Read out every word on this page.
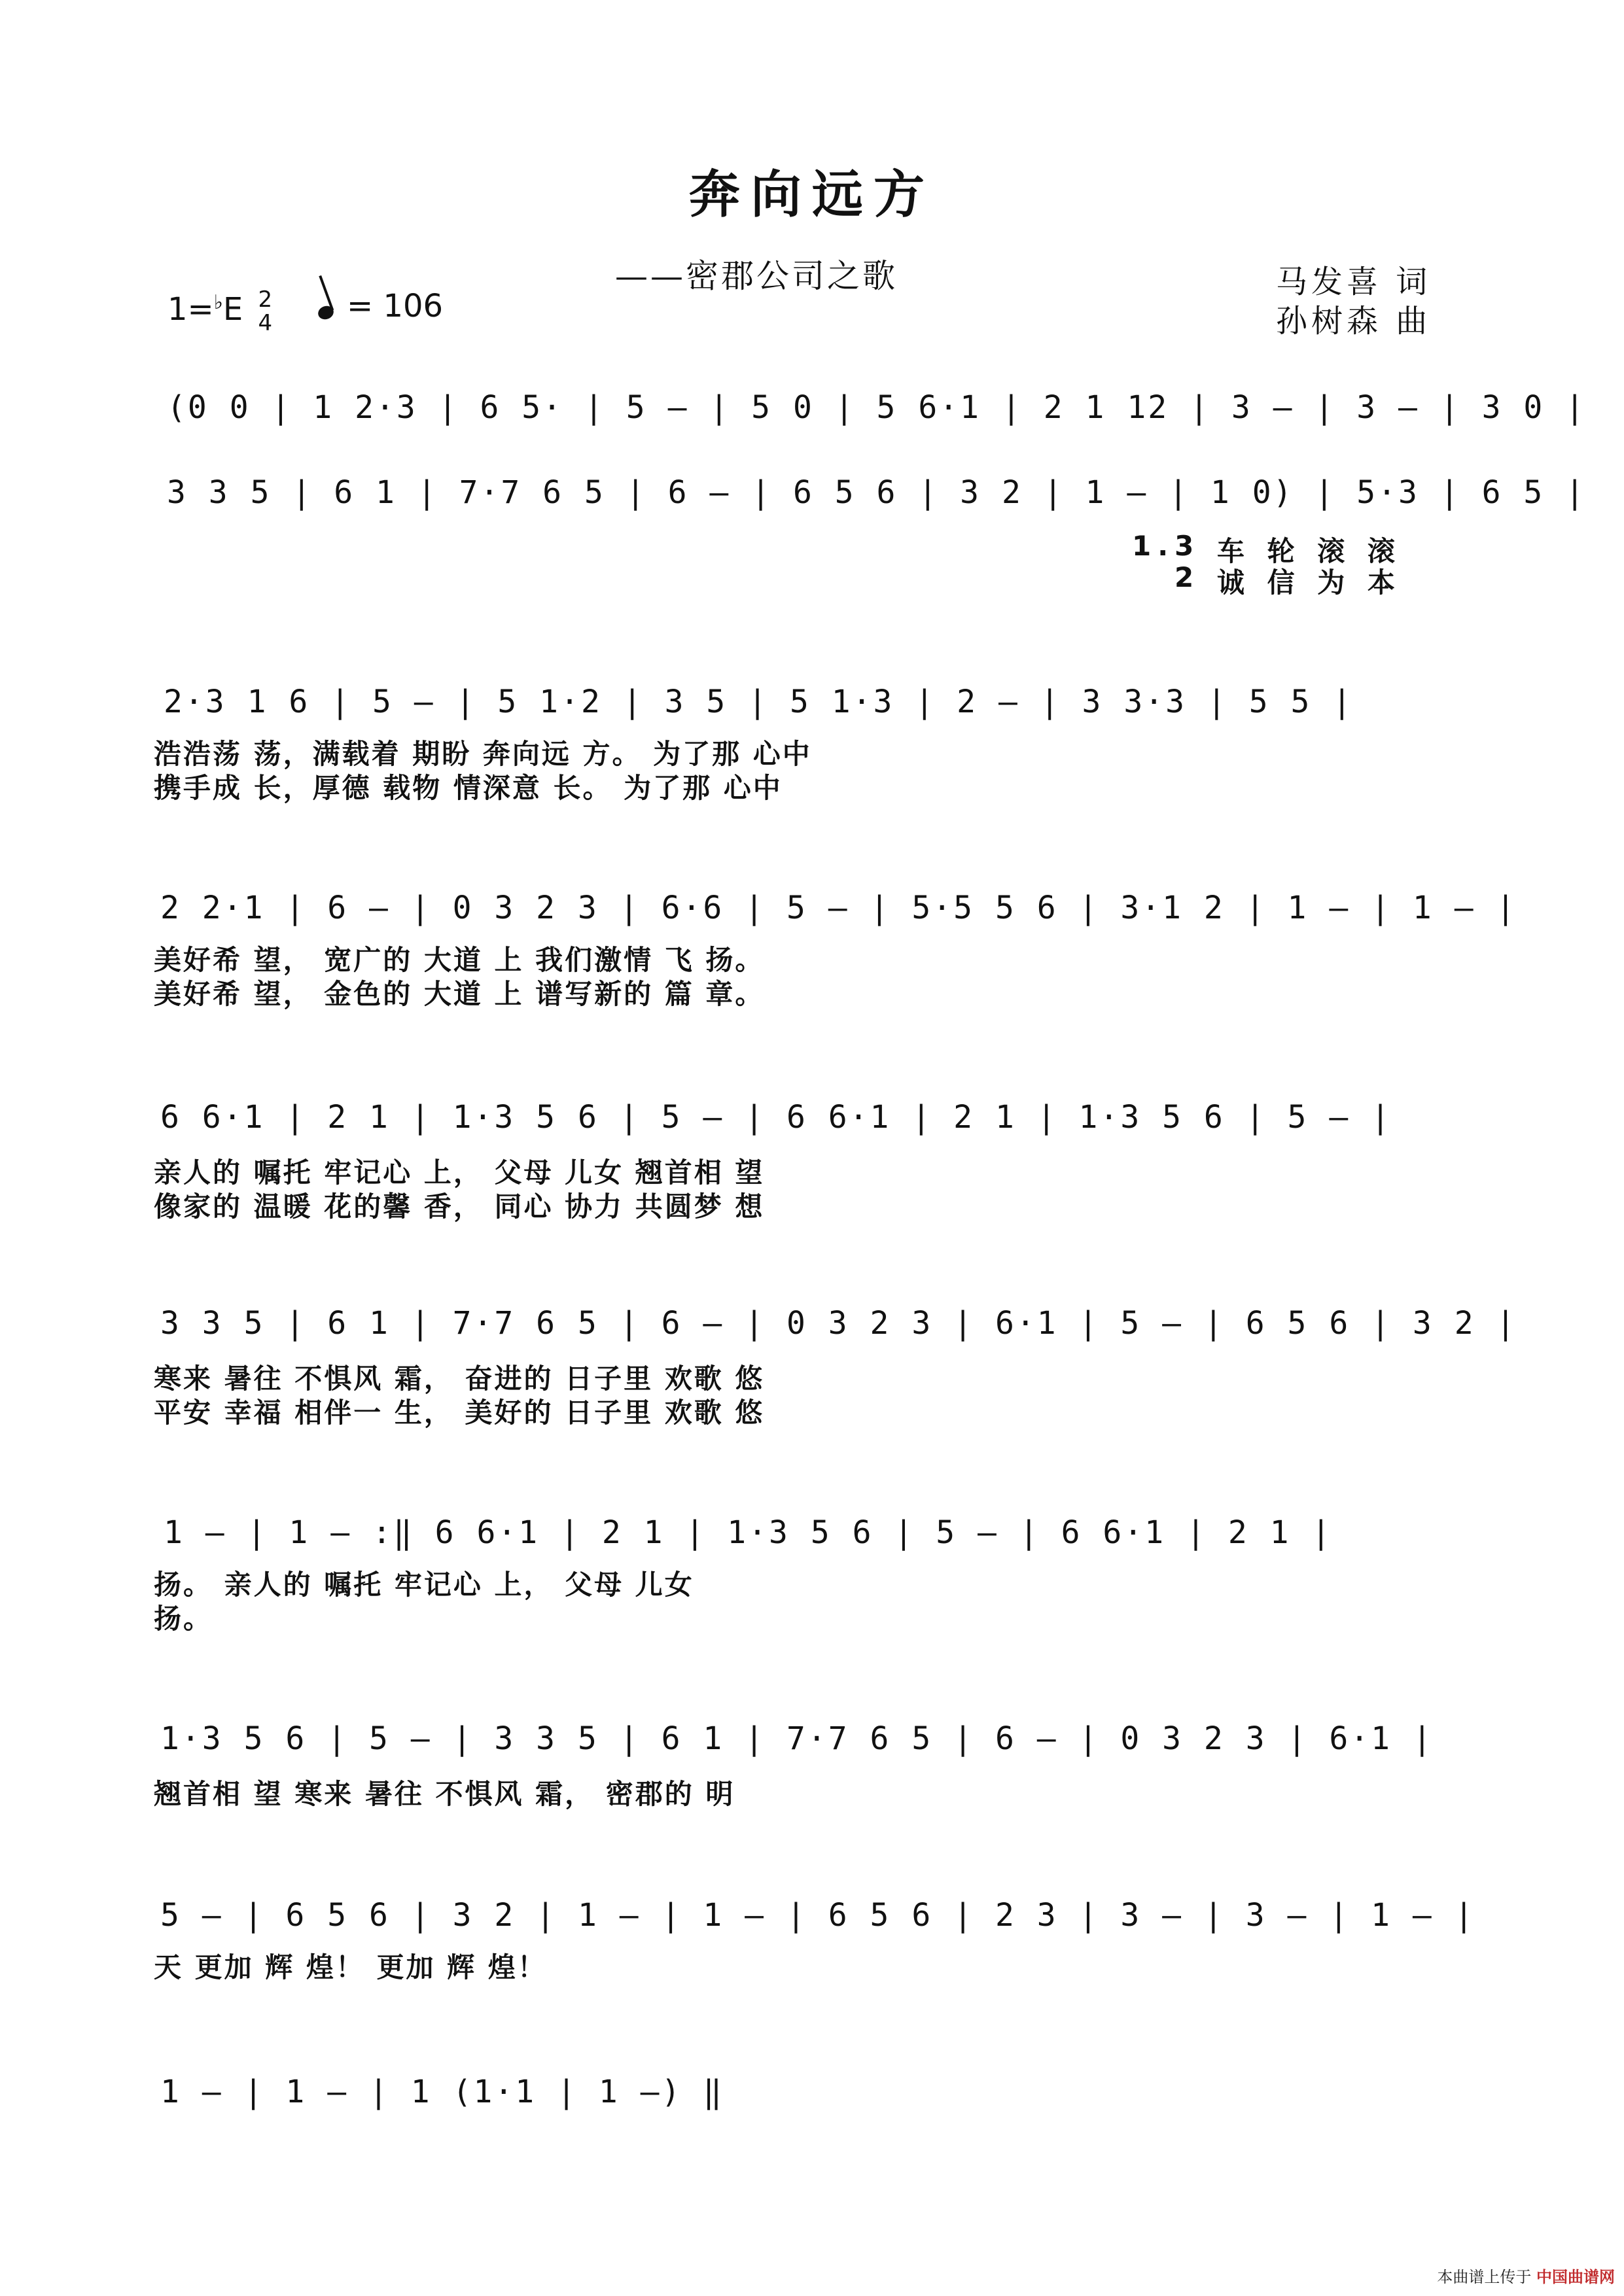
奔向远方
——密郡公司之歌	马发喜 词
孙树森 曲
1=♭E 2
4	= 106
(0 0 | 1 2·3 | 6 5· | 5 – | 5 0 | 5 6·1 | 2 1 12 | 3 – | 3 – | 3 0 |
3 3 5 | 6 1 | 7·7 6 5 | 6 – | 6 5 6 | 3 2 | 1 – | 1 0) | 5·3 | 6 5 |
1.3 车 轮 滚 滚
2 诚 信 为 本
2·3 1 6 | 5 – | 5 1·2 | 3 5 | 5 1·3 | 2 – | 3 3·3 | 5 5 |
浩浩荡 荡，满载着 期盼 奔向远 方。 为了那 心中
携手成 长，厚德 载物 情深意 长。 为了那 心中
2 2·1 | 6 – | 0 3 2 3 | 6·6 | 5 – | 5·5 5 6 | 3·1 2 | 1 – | 1 – |
美好希 望， 宽广的 大道 上 我们激情 飞 扬。
美好希 望， 金色的 大道 上 谱写新的 篇 章。
6 6·1 | 2 1 | 1·3 5 6 | 5 – | 6 6·1 | 2 1 | 1·3 5 6 | 5 – |
亲人的 嘱托 牢记心 上， 父母 儿女 翘首相 望
像家的 温暖 花的馨 香， 同心 协力 共圆梦 想
3 3 5 | 6 1 | 7·7 6 5 | 6 – | 0 3 2 3 | 6·1 | 5 – | 6 5 6 | 3 2 |
寒来 暑往 不惧风 霜， 奋进的 日子里 欢歌 悠
平安 幸福 相伴一 生， 美好的 日子里 欢歌 悠
1 – | 1 – :‖ 6 6·1 | 2 1 | 1·3 5 6 | 5 – | 6 6·1 | 2 1 |
扬。 亲人的 嘱托 牢记心 上， 父母 儿女
扬。
1·3 5 6 | 5 – | 3 3 5 | 6 1 | 7·7 6 5 | 6 – | 0 3 2 3 | 6·1 |
翘首相 望 寒来 暑往 不惧风 霜， 密郡的 明
5 – | 6 5 6 | 3 2 | 1 – | 1 – | 6 5 6 | 2 3 | 3 – | 3 – | 1 – |
天 更加 辉 煌！ 更加 辉 煌！
1 – | 1 – | 1 (1·1 | 1 –) ‖
本曲谱上传于 中国曲谱网
